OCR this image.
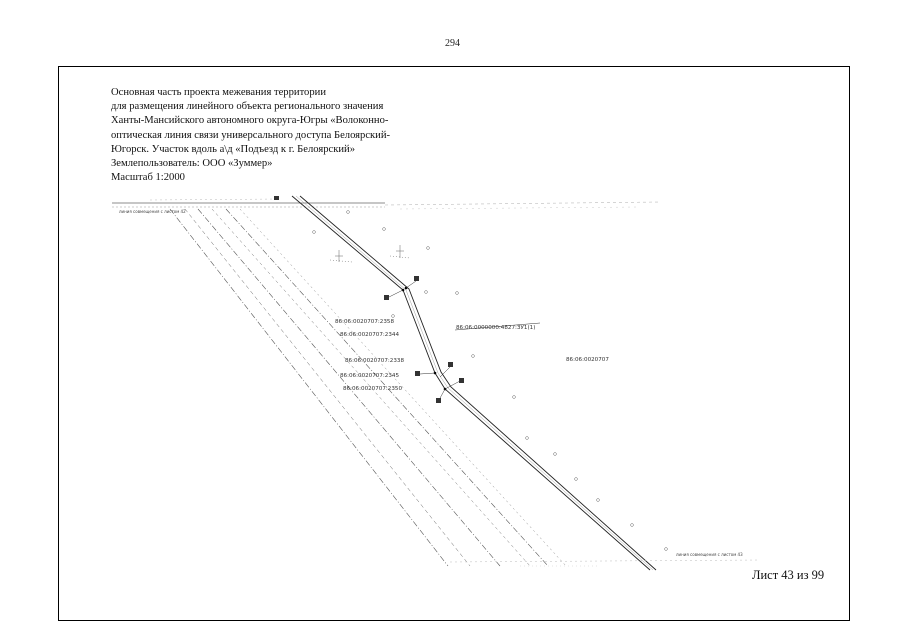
294
Основная часть проекта межевания территории
для размещения линейного объекта регионального значения
Ханты-Мансийского автономного округа-Югры «Волоконно-
оптическая линия связи универсального доступа Белоярский-
Югорск. Участок вдоль а\д «Подъезд к г. Белоярский»
Землепользователь: ООО «Зуммер»
Масштаб 1:2000
линия совмещения с листом 42
линия совмещения с листом 43
86:06:0020707:2358
86:06:0020707:2344
86:06:0020707:2338
86:06:0020707:2345
86:06:0020707:2350
86:06:0000000:4827:ЗУ1(1)
86:06:0020707
Лист 43 из 99
